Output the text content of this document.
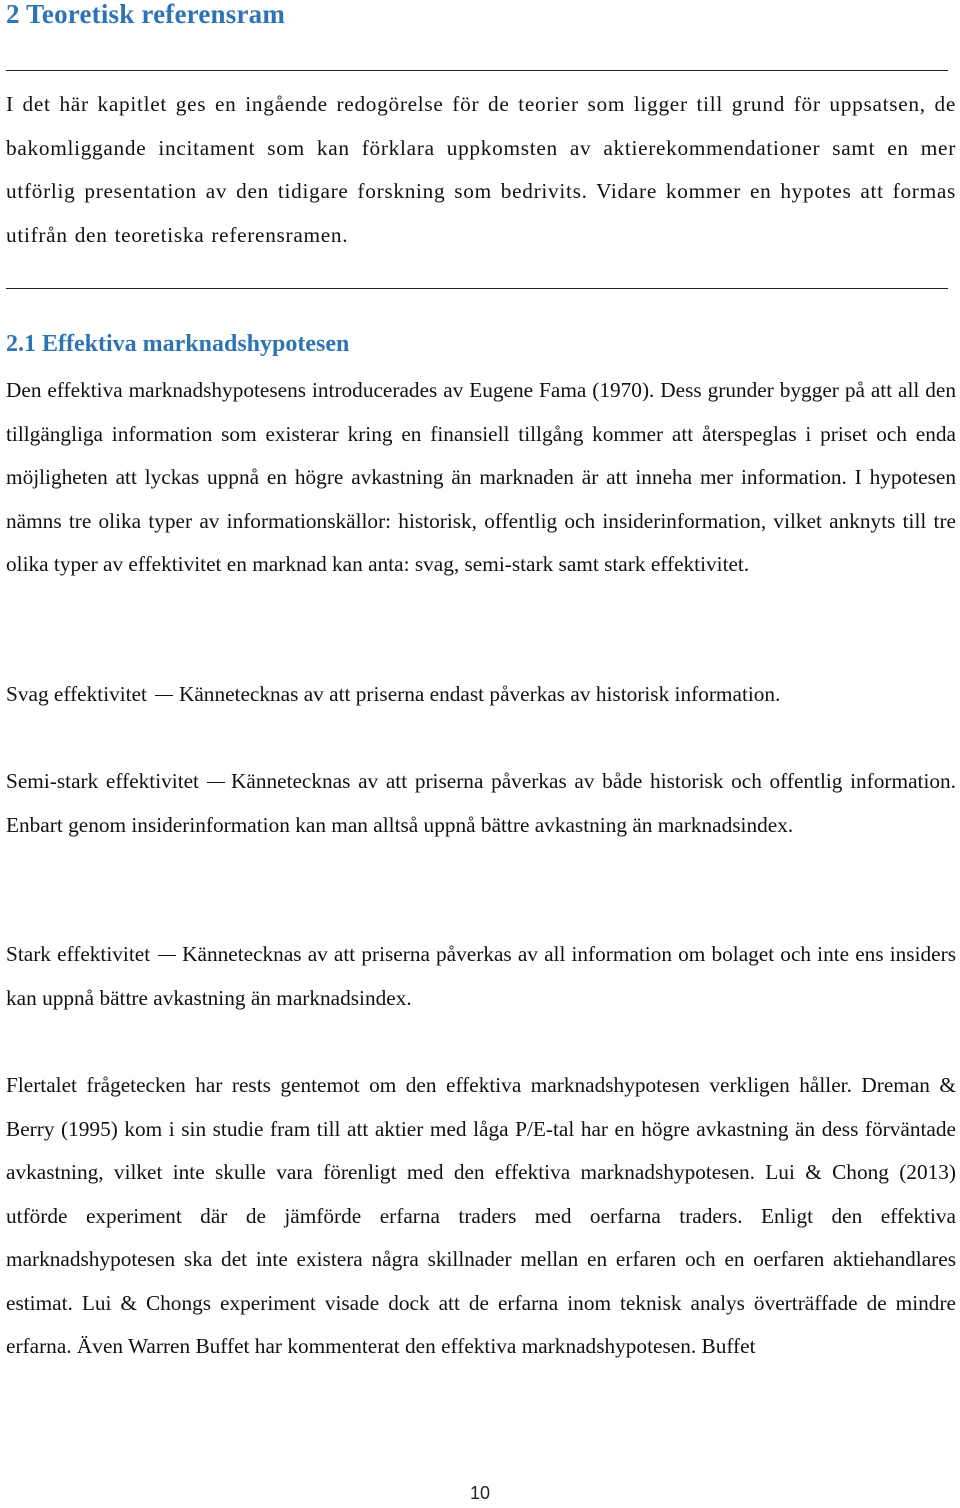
2 Teoretisk referensram

I det här kapitlet ges en ingående redogörelse för de teorier som ligger till grund för uppsatsen, de bakomliggande incitament som kan förklara uppkomsten av aktierekommendationer samt en mer utförlig presentation av den tidigare forskning som bedrivits. Vidare kommer en hypotes att formas utifrån den teoretiska referensramen.

2.1 Effektiva marknadshypotesen

Den effektiva marknadshypotesens introducerades av Eugene Fama (1970). Dess grunder bygger på att all den tillgängliga information som existerar kring en finansiell tillgång kommer att återspeglas i priset och enda möjligheten att lyckas uppnå en högre avkastning än marknaden är att inneha mer information. I hypotesen nämns tre olika typer av informationskällor: historisk, offentlig och insiderinformation, vilket anknyts till tre olika typer av effektivitet en marknad kan anta: svag, semi-stark samt stark effektivitet.

Svag effektivitet Kännetecknas av att priserna endast påverkas av historisk information.

Semi-stark effektivitet Kännetecknas av att priserna påverkas av både historisk och offentlig information. Enbart genom insiderinformation kan man alltså uppnå bättre avkastning än marknadsindex.

Stark effektivitet Kännetecknas av att priserna påverkas av all information om bolaget och inte ens insiders kan uppnå bättre avkastning än marknadsindex.

Flertalet frågetecken har rests gentemot om den effektiva marknadshypotesen verkligen håller. Dreman & Berry (1995) kom i sin studie fram till att aktier med låga P/E-tal har en högre avkastning än dess förväntade avkastning, vilket inte skulle vara förenligt med den effektiva marknadshypotesen. Lui & Chong (2013) utförde experiment där de jämförde erfarna traders med oerfarna traders. Enligt den effektiva marknadshypotesen ska det inte existera några skillnader mellan en erfaren och en oerfaren aktiehandlares estimat. Lui & Chongs experiment visade dock att de erfarna inom teknisk analys överträffade de mindre erfarna. Även Warren Buffet har kommenterat den effektiva marknadshypotesen. Buffet

10
